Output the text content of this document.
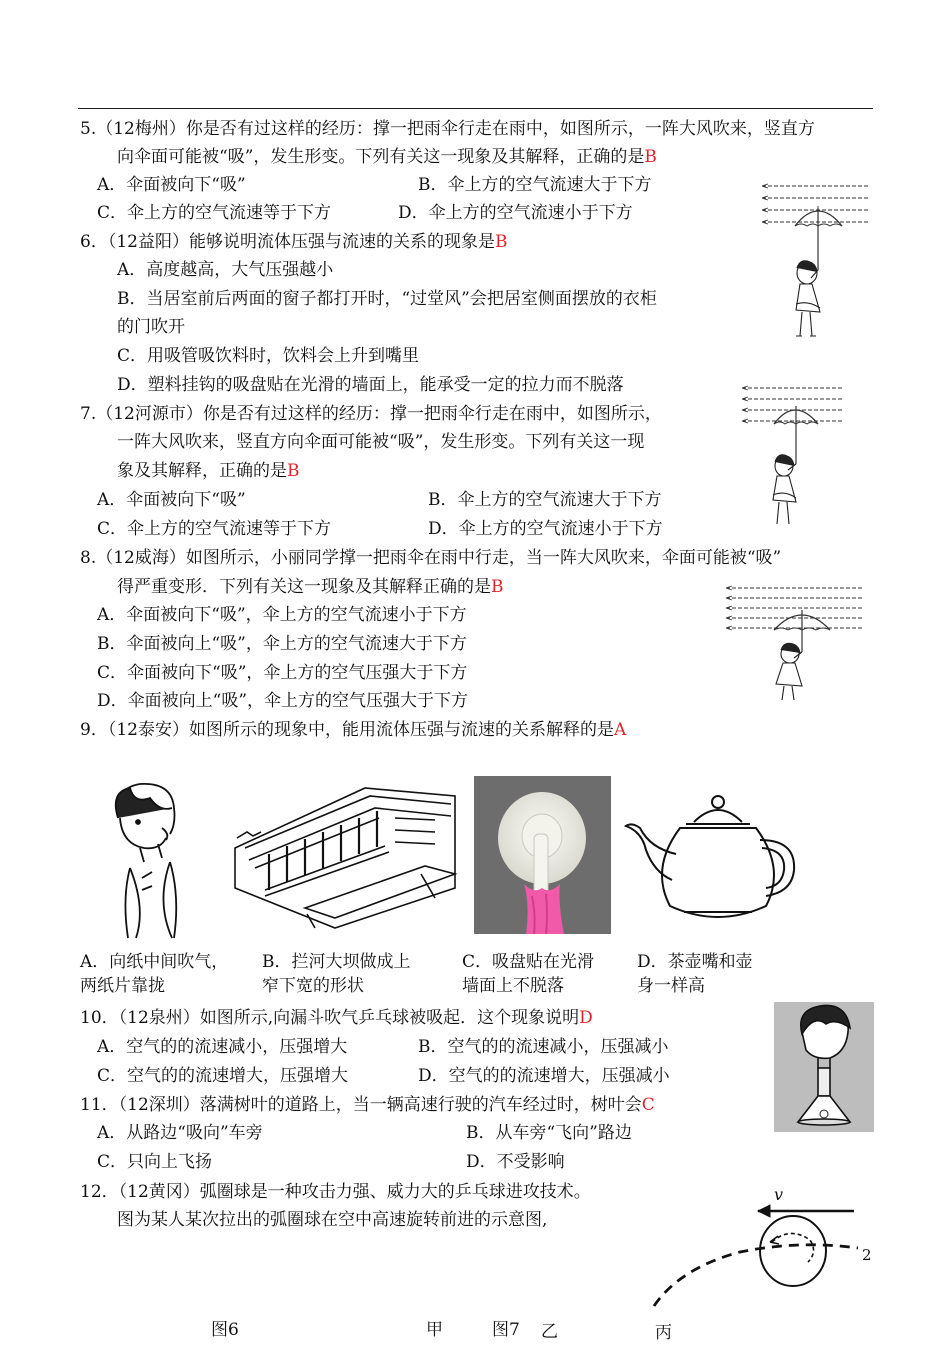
5.（12梅州）你是否有过这样的经历：撑一把雨伞行走在雨中，如图所示，一阵大风吹来，竖直方
向伞面可能被“吸”，发生形变。下列有关这一现象及其解释，正确的是B
A．伞面被向下“吸”	B．伞上方的空气流速大于下方
C．伞上方的空气流速等于下方	D．伞上方的空气流速小于下方
6．（12益阳）能够说明流体压强与流速的关系的现象是B
A．高度越高，大气压强越小
B．当居室前后两面的窗子都打开时，“过堂风”会把居室侧面摆放的衣柜
的门吹开
C．用吸管吸饮料时，饮料会上升到嘴里
D．塑料挂钩的吸盘贴在光滑的墙面上，能承受一定的拉力而不脱落
7.（12河源市）你是否有过这样的经历：撑一把雨伞行走在雨中，如图所示，
一阵大风吹来，竖直方向伞面可能被“吸”，发生形变。下列有关这一现
象及其解释，正确的是B
A．伞面被向下“吸”	B．伞上方的空气流速大于下方
C．伞上方的空气流速等于下方	D．伞上方的空气流速小于下方
8.（12威海）如图所示，小丽同学撑一把雨伞在雨中行走，当一阵大风吹来，伞面可能被“吸”
得严重变形．下列有关这一现象及其解释正确的是B
A．伞面被向下“吸”，伞上方的空气流速小于下方
B．伞面被向上“吸”，伞上方的空气流速大于下方
C．伞面被向下“吸”，伞上方的空气压强大于下方
D．伞面被向上“吸”，伞上方的空气压强大于下方
9．（12泰安）如图所示的现象中，能用流体压强与流速的关系解释的是A
A．向纸中间吹气，
两纸片靠拢
B．拦河大坝做成上
窄下宽的形状
C．吸盘贴在光滑
墙面上不脱落
D．茶壶嘴和壶
身一样高
10．（12泉州）如图所示,向漏斗吹气乒乓球被吸起．这个现象说明D
A．空气的的流速减小，压强增大	B．空气的的流速减小，压强减小
C．空气的的流速增大，压强增大	D．空气的的流速增大，压强减小
11．（12深圳）落满树叶的道路上，当一辆高速行驶的汽车经过时，树叶会C
A．从路边“吸向”车旁	B．从车旁“飞向”路边
C．只向上飞扬	D．不受影响
12．（12黄冈）弧圈球是一种攻击力强、威力大的乒乓球进攻技术。
图为某人某次拉出的弧圈球在空中高速旋转前进的示意图,
v
2
图6	甲	图7 乙	丙
